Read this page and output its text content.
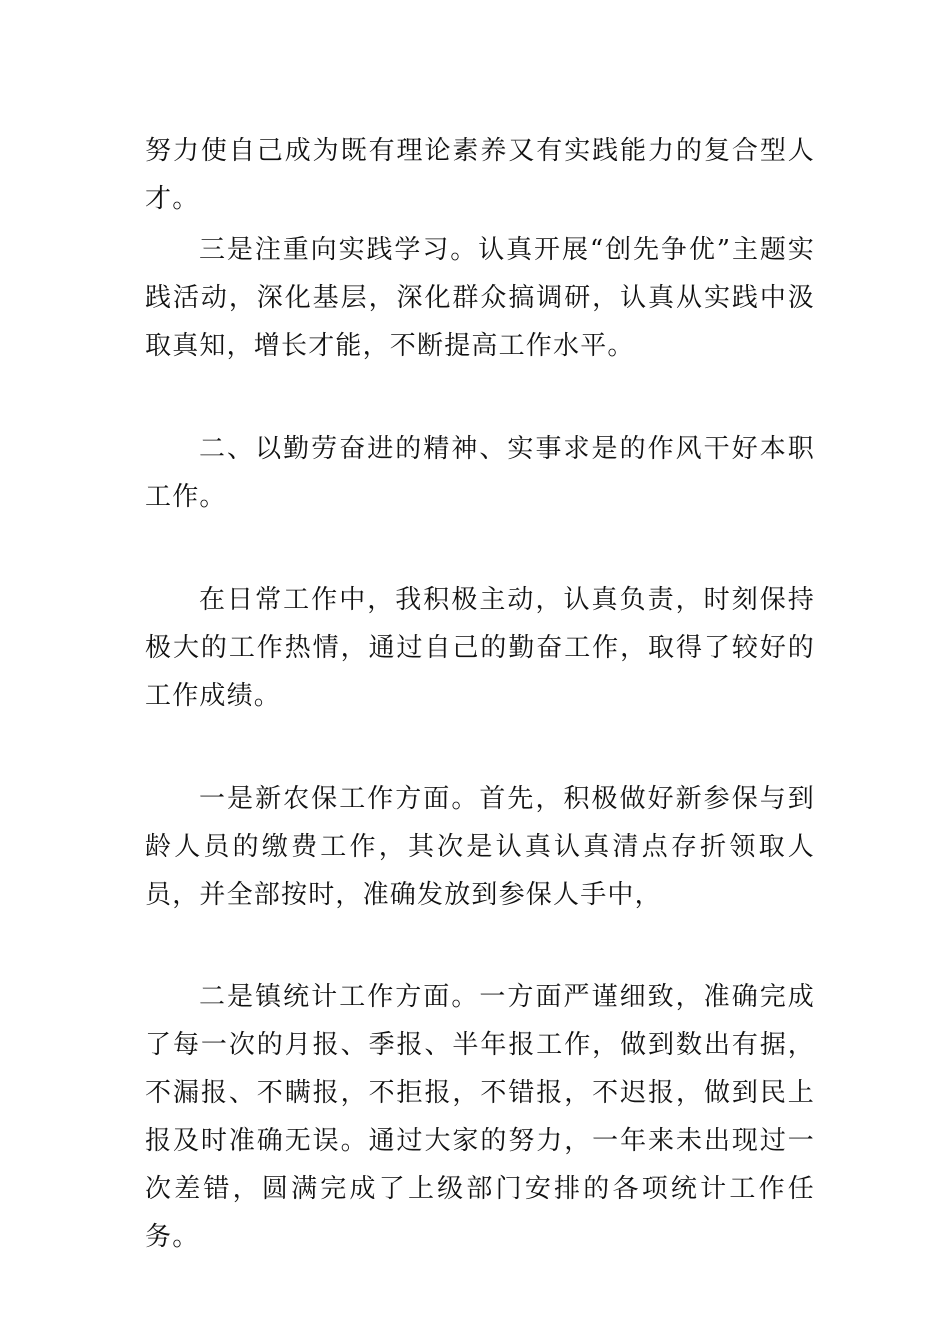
努力使自己成为既有理论素养又有实践能力的复合型人才。

三是注重向实践学习。认真开展“创先争优”主题实践活动，深化基层，深化群众搞调研，认真从实践中汲取真知，增长才能，不断提高工作水平。

二、以勤劳奋进的精神、实事求是的作风干好本职工作。

在日常工作中，我积极主动，认真负责，时刻保持极大的工作热情，通过自己的勤奋工作，取得了较好的工作成绩。

一是新农保工作方面。首先，积极做好新参保与到龄人员的缴费工作，其次是认真认真清点存折领取人员，并全部按时，准确发放到参保人手中，

二是镇统计工作方面。一方面严谨细致，准确完成了每一次的月报、季报、半年报工作，做到数出有据，不漏报、不瞒报，不拒报，不错报，不迟报，做到民上报及时准确无误。通过大家的努力，一年来未出现过一次差错，圆满完成了上级部门安排的各项统计工作任务。
